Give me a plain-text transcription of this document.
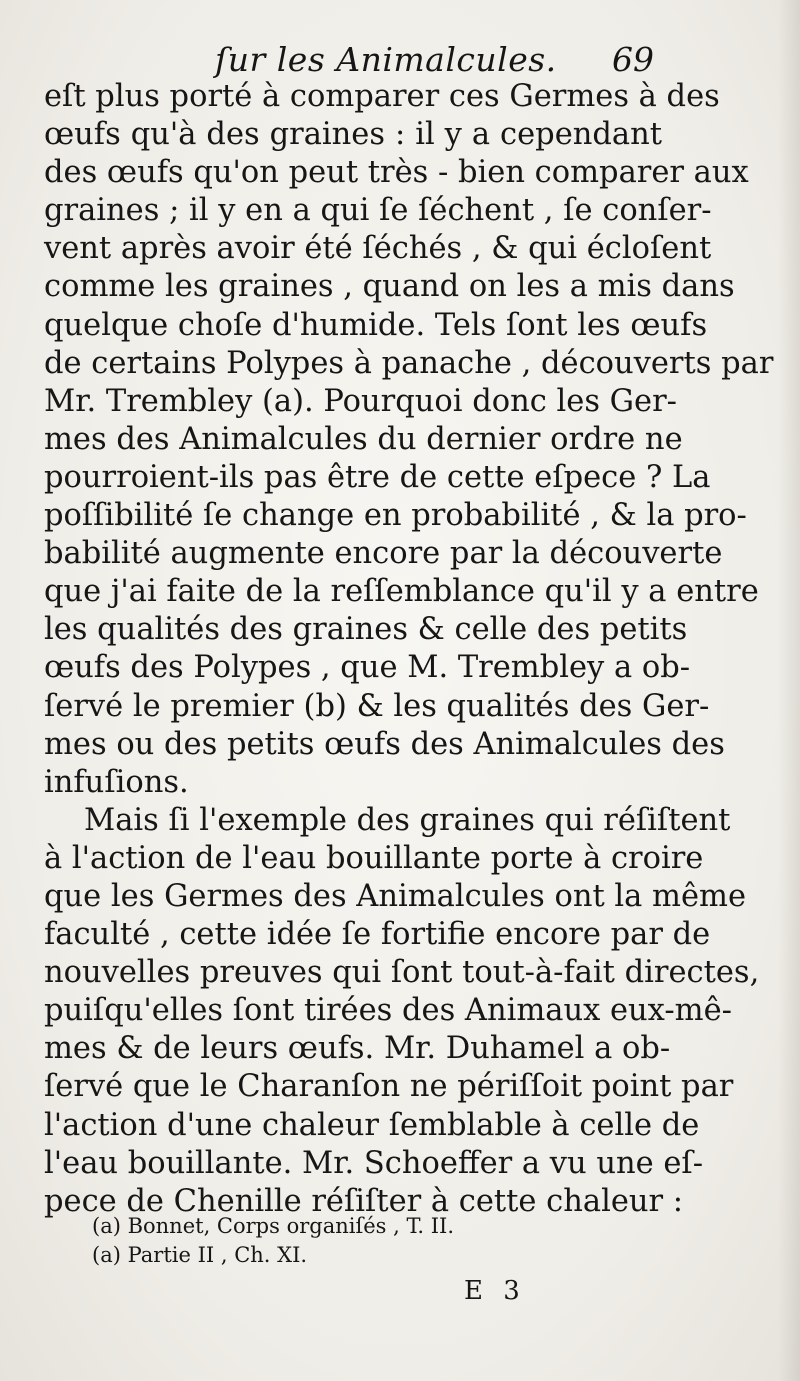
ſur les Animalcules. 69
eſt plus porté à comparer ces Germes à des
œufs qu'à des graines : il y a cependant
des œufs qu'on peut très - bien comparer aux
graines ; il y en a qui ſe ſéchent , ſe conſer-
vent après avoir été ſéchés , & qui écloſent
comme les graines , quand on les a mis dans
quelque choſe d'humide. Tels ſont les œufs
de certains Polypes à panache , découverts par
Mr. Trembley (a). Pourquoi donc les Ger-
mes des Animalcules du dernier ordre ne
pourroient-ils pas être de cette eſpece ? La
poſſibilité ſe change en probabilité , & la pro-
babilité augmente encore par la découverte
que j'ai faite de la reſſemblance qu'il y a entre
les qualités des graines & celle des petits
œufs des Polypes , que M. Trembley a ob-
ſervé le premier (b) & les qualités des Ger-
mes ou des petits œufs des Animalcules des
infuſions.
Mais ſi l'exemple des graines qui réſiſtent
à l'action de l'eau bouillante porte à croire
que les Germes des Animalcules ont la même
faculté , cette idée ſe fortifie encore par de
nouvelles preuves qui ſont tout-à-fait directes,
puiſqu'elles ſont tirées des Animaux eux-mê-
mes & de leurs œufs. Mr. Duhamel a ob-
ſervé que le Charanſon ne périſſoit point par
l'action d'une chaleur ſemblable à celle de
l'eau bouillante. Mr. Schoeffer a vu une eſ-
pece de Chenille réſiſter à cette chaleur :
(a) Bonnet, Corps organiſés , T. II.
(a) Partie II , Ch. XI.
E 3
